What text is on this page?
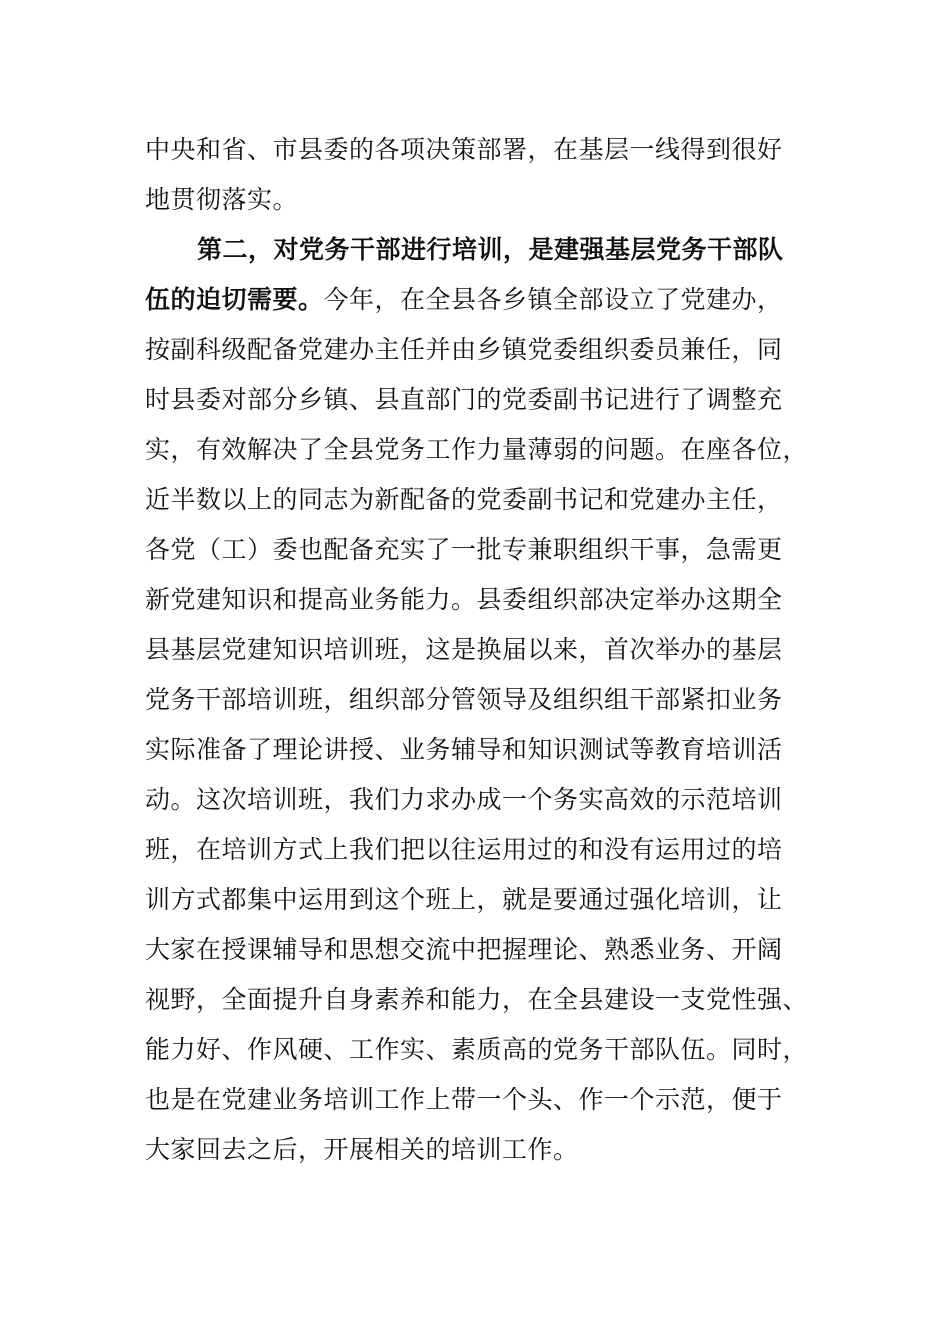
中央和省、市县委的各项决策部署，在基层一线得到很好
地贯彻落实。
第二，对党务干部进行培训，是建强基层党务干部队
伍的迫切需要。今年，在全县各乡镇全部设立了党建办，
按副科级配备党建办主任并由乡镇党委组织委员兼任，同
时县委对部分乡镇、县直部门的党委副书记进行了调整充
实，有效解决了全县党务工作力量薄弱的问题。在座各位，
近半数以上的同志为新配备的党委副书记和党建办主任，
各党（工）委也配备充实了一批专兼职组织干事，急需更
新党建知识和提高业务能力。县委组织部决定举办这期全
县基层党建知识培训班，这是换届以来，首次举办的基层
党务干部培训班，组织部分管领导及组织组干部紧扣业务
实际准备了理论讲授、业务辅导和知识测试等教育培训活
动。这次培训班，我们力求办成一个务实高效的示范培训
班，在培训方式上我们把以往运用过的和没有运用过的培
训方式都集中运用到这个班上，就是要通过强化培训，让
大家在授课辅导和思想交流中把握理论、熟悉业务、开阔
视野，全面提升自身素养和能力，在全县建设一支党性强、
能力好、作风硬、工作实、素质高的党务干部队伍。同时，
也是在党建业务培训工作上带一个头、作一个示范，便于
大家回去之后，开展相关的培训工作。
